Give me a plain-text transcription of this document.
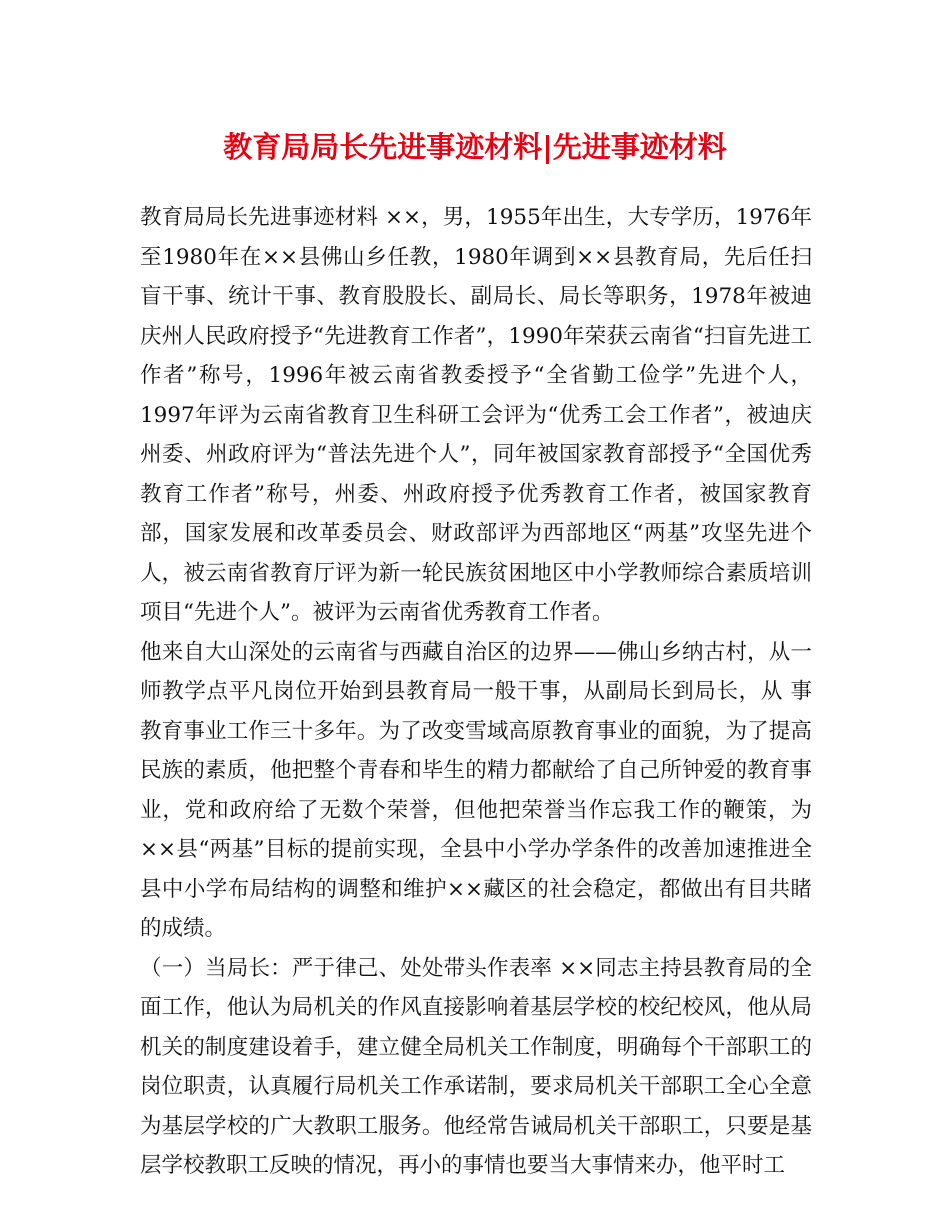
教育局局长先进事迹材料|先进事迹材料

教育局局长先进事迹材料 ××，男，1955年出生，大专学历，1976年至1980年在××县佛山乡任教，1980年调到××县教育局，先后任扫盲干事、统计干事、教育股股长、副局长、局长等职务，1978年被迪庆州人民政府授予“先进教育工作者”，1990年荣获云南省“扫盲先进工作者”称号，1996年被云南省教委授予“全省勤工俭学”先进个人，1997年评为云南省教育卫生科研工会评为“优秀工会工作者”，被迪庆州委、州政府评为“普法先进个人”，同年被国家教育部授予“全国优秀教育工作者”称号，州委、州政府授予优秀教育工作者，被国家教育部，国家发展和改革委员会、财政部评为西部地区“两基”攻坚先进个人，被云南省教育厅评为新一轮民族贫困地区中小学教师综合素质培训项目“先进个人”。被评为云南省优秀教育工作者。

他来自大山深处的云南省与西藏自治区的边界——佛山乡纳古村，从一师教学点平凡岗位开始到县教育局一般干事，从副局长到局长，从 事教育事业工作三十多年。为了改变雪域高原教育事业的面貌，为了提高民族的素质，他把整个青春和毕生的精力都献给了自己所钟爱的教育事业，党和政府给了无数个荣誉，但他把荣誉当作忘我工作的鞭策，为××县“两基”目标的提前实现，全县中小学办学条件的改善加速推进全县中小学布局结构的调整和维护××藏区的社会稳定，都做出有目共睹的成绩。

（一）当局长：严于律己、处处带头作表率 ××同志主持县教育局的全面工作，他认为局机关的作风直接影响着基层学校的校纪校风，他从局机关的制度建设着手，建立健全局机关工作制度，明确每个干部职工的岗位职责，认真履行局机关工作承诺制，要求局机关干部职工全心全意为基层学校的广大教职工服务。他经常告诫局机关干部职工，只要是基层学校教职工反映的情况，再小的事情也要当大事情来办，他平时工
